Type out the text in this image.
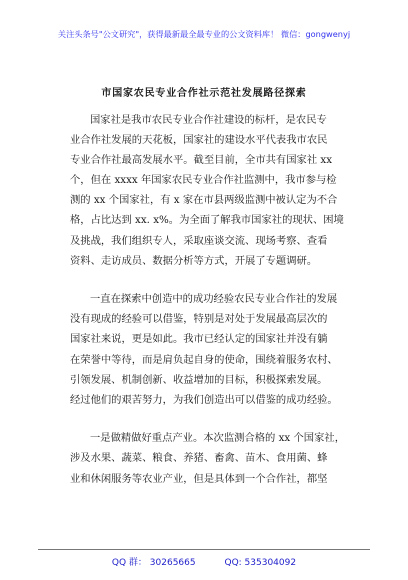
关注头条号"公文研究"，获得最新最全最专业的公文资料库！ 微信：gongwenyj
市国家农民专业合作社示范社发展路径探索
国家社是我市农民专业合作社建设的标杆，是农民专
业合作社发展的天花板，国家社的建设水平代表我市农民
专业合作社最高发展水平。截至目前，全市共有国家社 xx
个，但在 xxxx 年国家农民专业合作社监测中，我市参与检
测的 xx 个国家社，有 x 家在市县两级监测中被认定为不合
格，占比达到 xx. x%。为全面了解我市国家社的现状、困境
及挑战，我们组织专人，采取座谈交流、现场考察、查看
资料、走访成员、数据分析等方式，开展了专题调研。
一直在探索中创造中的成功经验农民专业合作社的发展
没有现成的经验可以借鉴，特别是对处于发展最高层次的
国家社来说，更是如此。我市已经认定的国家社并没有躺
在荣誉中等待，而是肩负起自身的使命，围绕着服务农村、
引领发展、机制创新、收益增加的目标，积极探索发展。
经过他们的艰苦努力，为我们创造出可以借鉴的成功经验。
一是做精做好重点产业。本次监测合格的 xx 个国家社，
涉及水果、蔬菜、粮食、养猪、畜禽、苗木、食用菌、蜂
业和休闲服务等农业产业，但是具体到一个合作社，都坚
QQ 群： 30265665	QQ: 535304092
